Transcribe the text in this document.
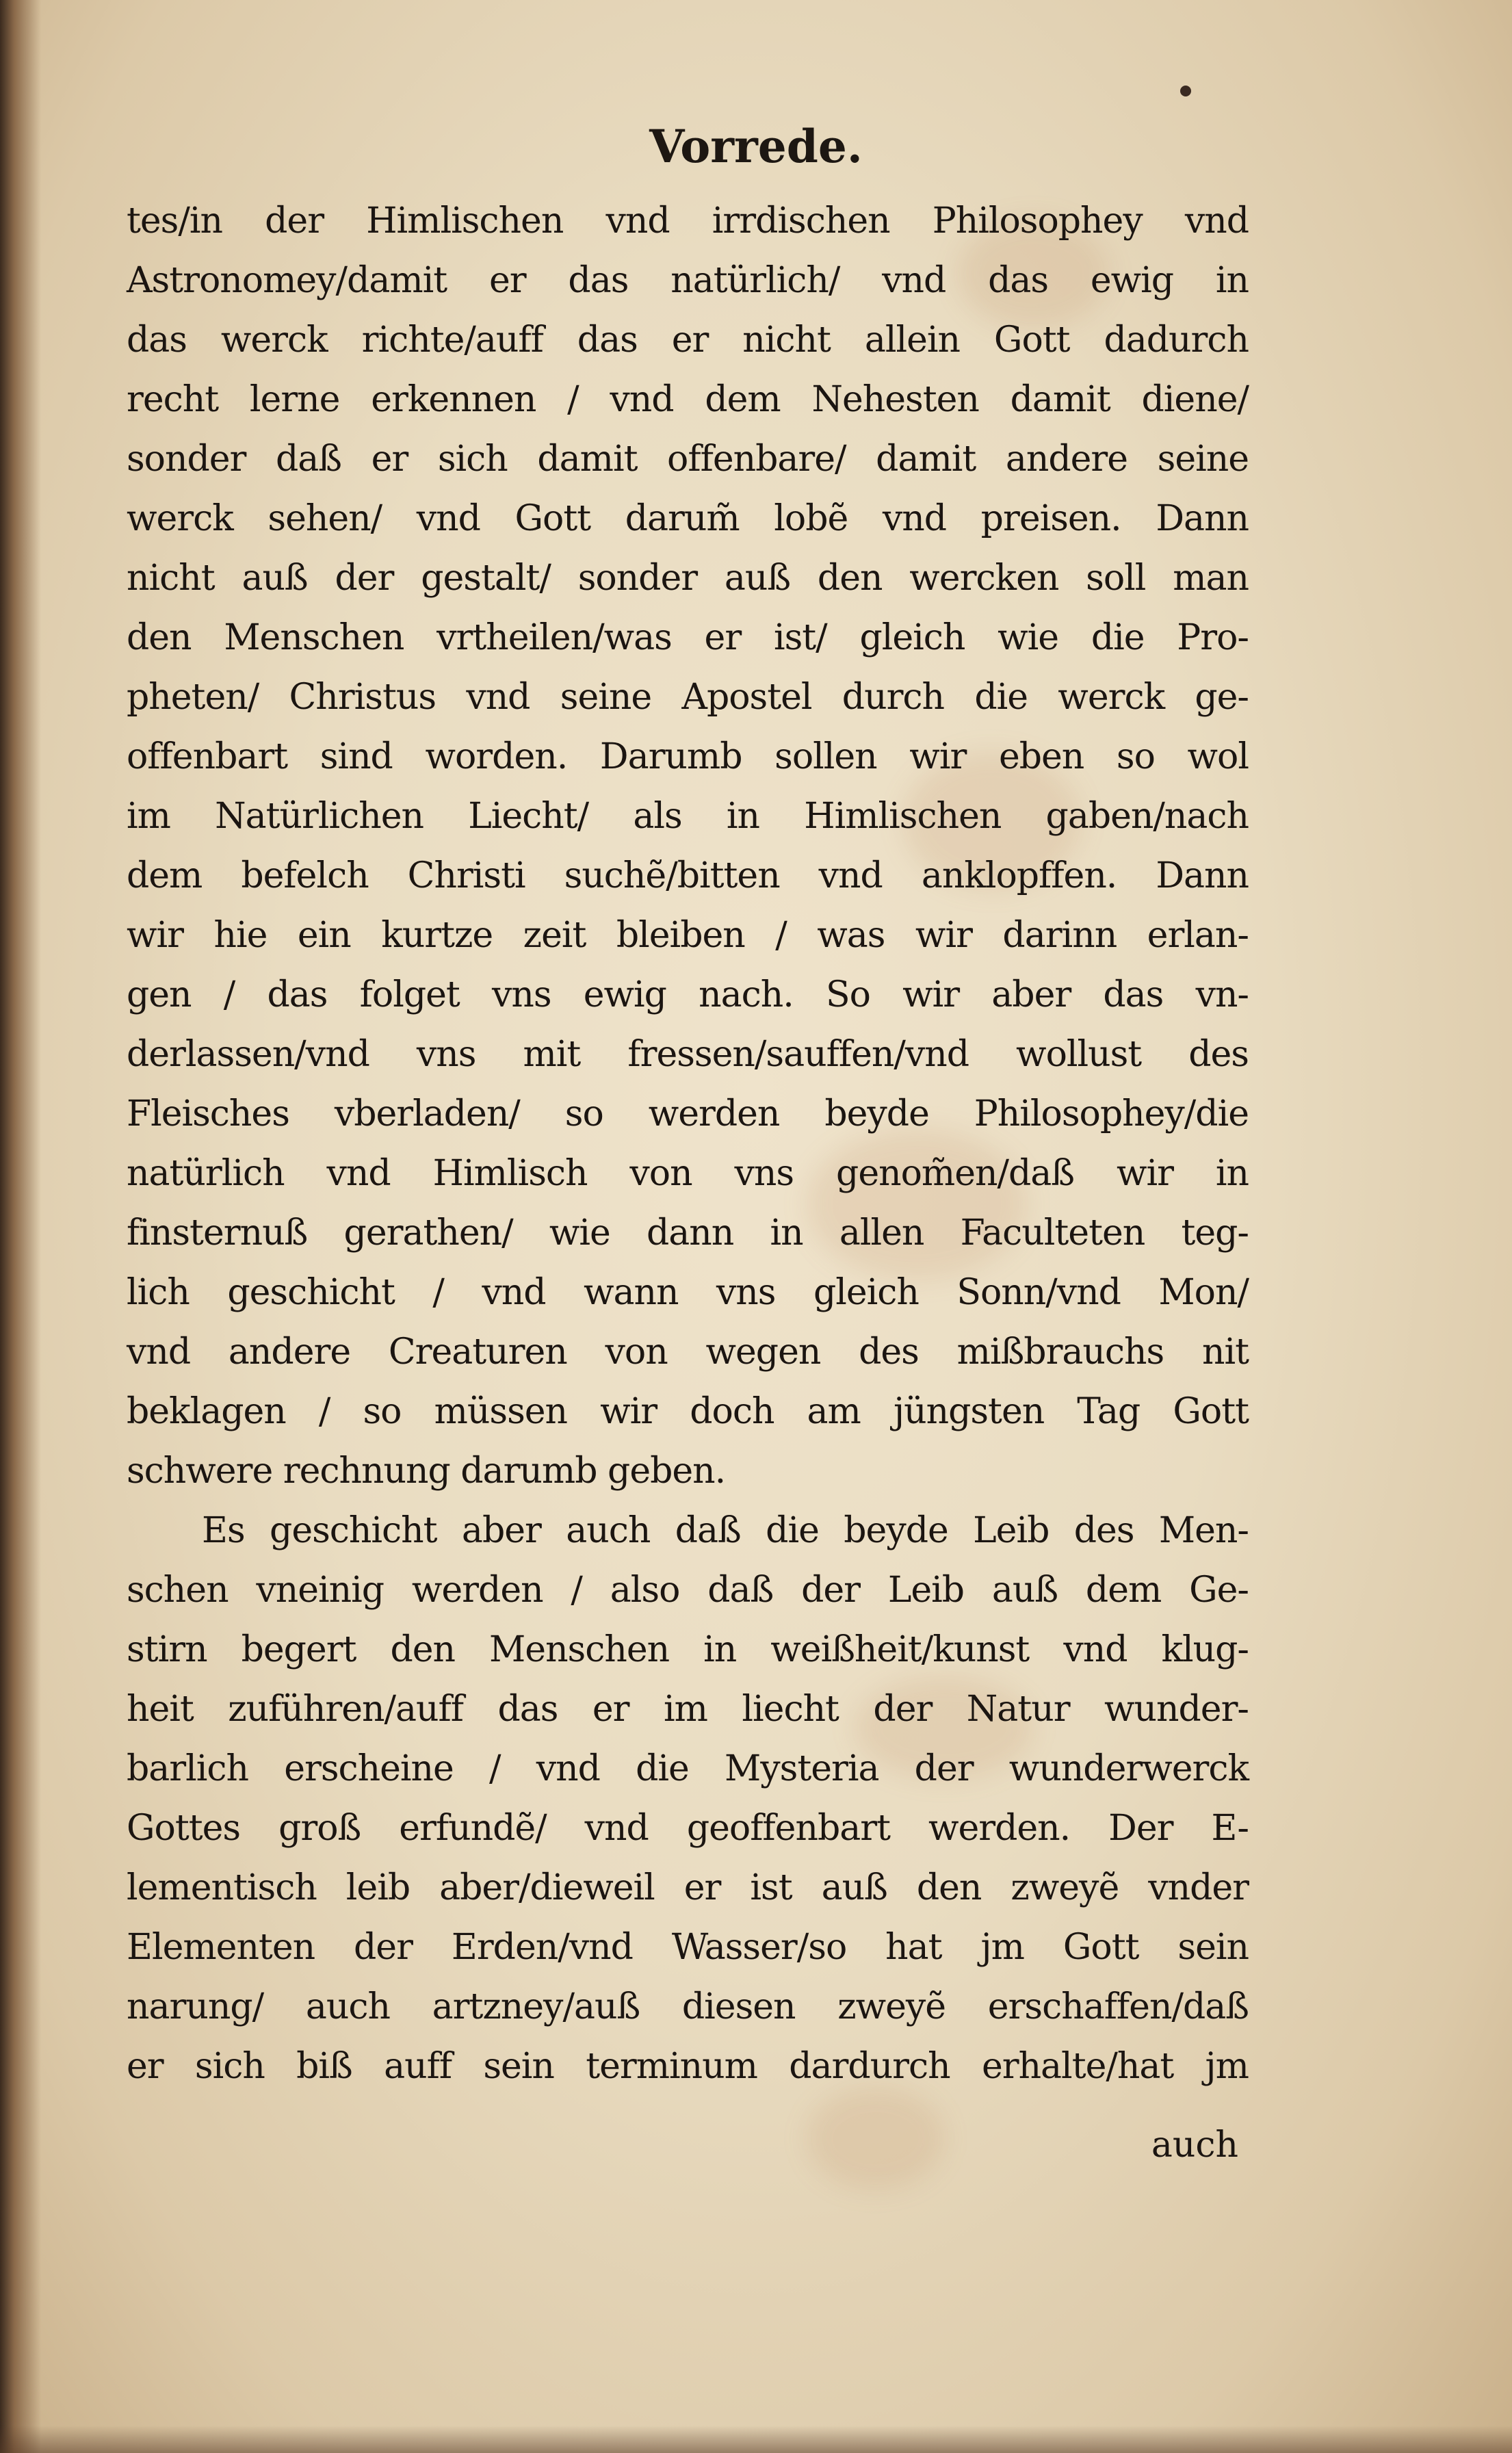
Vorrede.
tes/in der Himlischen vnd irrdischen Philosophey vnd
Astronomey/damit er das natürlich/ vnd das ewig in
das werck richte/auff das er nicht allein Gott dadurch
recht lerne erkennen / vnd dem Nehesten damit diene/
sonder daß er sich damit offenbare/ damit andere seine
werck sehen/ vnd Gott darum̃ lobẽ vnd preisen. Dann
nicht auß der gestalt/ sonder auß den wercken soll man
den Menschen vrtheilen/was er ist/ gleich wie die Pro-
pheten/ Christus vnd seine Apostel durch die werck ge-
offenbart sind worden. Darumb sollen wir eben so wol
im Natürlichen Liecht/ als in Himlischen gaben/nach
dem befelch Christi suchẽ/bitten vnd anklopffen. Dann
wir hie ein kurtze zeit bleiben / was wir darinn erlan-
gen / das folget vns ewig nach. So wir aber das vn-
derlassen/vnd vns mit fressen/sauffen/vnd wollust des
Fleisches vberladen/ so werden beyde Philosophey/die
natürlich vnd Himlisch von vns genom̃en/daß wir in
finsternuß gerathen/ wie dann in allen Faculteten teg-
lich geschicht / vnd wann vns gleich Sonn/vnd Mon/
vnd andere Creaturen von wegen des mißbrauchs nit
beklagen / so müssen wir doch am jüngsten Tag Gott
schwere rechnung darumb geben.
Es geschicht aber auch daß die beyde Leib des Men-
schen vneinig werden / also daß der Leib auß dem Ge-
stirn begert den Menschen in weißheit/kunst vnd klug-
heit zuführen/auff das er im liecht der Natur wunder-
barlich erscheine / vnd die Mysteria der wunderwerck
Gottes groß erfundẽ/ vnd geoffenbart werden. Der E-
lementisch leib aber/dieweil er ist auß den zweyẽ vnder
Elementen der Erden/vnd Wasser/so hat jm Gott sein
narung/ auch artzney/auß diesen zweyẽ erschaffen/daß
er sich biß auff sein terminum dardurch erhalte/hat jm
auch
